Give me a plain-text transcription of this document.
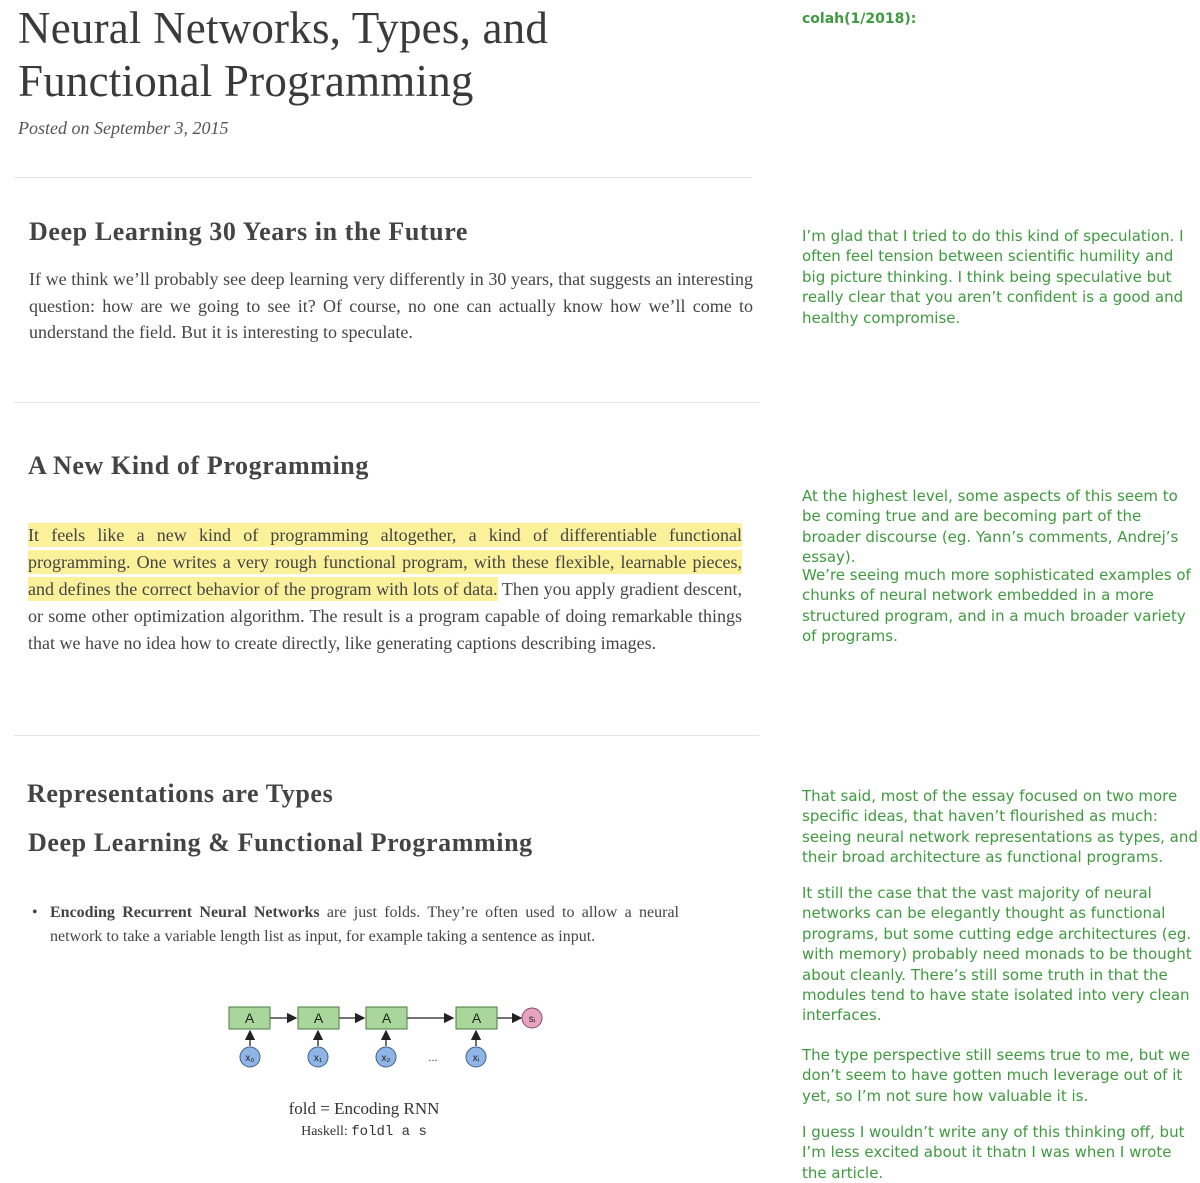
Neural Networks, Types, and Functional Programming
Posted on September 3, 2015
Deep Learning 30 Years in the Future

If we think we’ll probably see deep learning very differently in 30 years, that suggests an interesting question: how are we going to see it? Of course, no one can actually know how we’ll come to understand the field. But it is interesting to speculate.

A New Kind of Programming

It feels like a new kind of programming altogether, a kind of differentiable functional programming. One writes a very rough functional program, with these flexible, learnable pieces, and defines the correct behavior of the program with lots of data. Then you apply gradient descent, or some other optimization algorithm. The result is a program capable of doing remarkable things that we have no idea how to create directly, like generating captions describing images.

Representations are Types
Deep Learning & Functional Programming
• Encoding Recurrent Neural Networks are just folds. They’re often used to allow a neural network to take a variable length list as input, for example taking a sentence as input.
A	A	A	A	sᵢ
x₀	x₁	x₂	...	xᵢ
fold = Encoding RNN
Haskell: foldl a s
colah(1/2018):

I’m glad that I tried to do this kind of speculation. I often feel tension between scientific humility and big picture thinking. I think being speculative but really clear that you aren’t confident is a good and healthy compromise.

At the highest level, some aspects of this seem to be coming true and are becoming part of the broader discourse (eg. Yann’s comments, Andrej’s essay).

We’re seeing much more sophisticated examples of chunks of neural network embedded in a more structured program, and in a much broader variety of programs.

That said, most of the essay focused on two more specific ideas, that haven’t flourished as much: seeing neural network representations as types, and their broad architecture as functional programs.

It still the case that the vast majority of neural networks can be elegantly thought as functional programs, but some cutting edge architectures (eg. with memory) probably need monads to be thought about cleanly. There’s still some truth in that the modules tend to have state isolated into very clean interfaces.

The type perspective still seems true to me, but we don’t seem to have gotten much leverage out of it yet, so I’m not sure how valuable it is.

I guess I wouldn’t write any of this thinking off, but I’m less excited about it thatn I was when I wrote the article.
